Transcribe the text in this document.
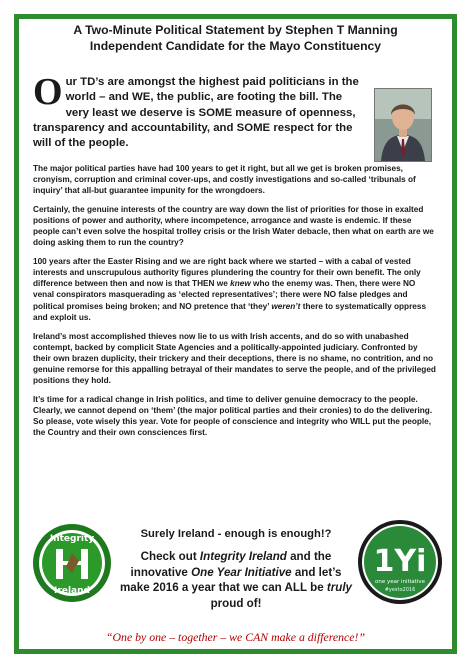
A Two-Minute Political Statement by Stephen T Manning
Independent Candidate for the Mayo Constituency

Our TD’s are amongst the highest paid politicians in the world – and WE, the public, are footing the bill. The very least we deserve is SOME measure of openness, transparency and accountability, and SOME respect for the will of the people.

The major political parties have had 100 years to get it right, but all we get is broken promises, cronyism, corruption and criminal cover-ups, and costly investigations and so-called ‘tribunals of inquiry’ that all-but guarantee impunity for the wrongdoers.

Certainly, the genuine interests of the country are way down the list of priorities for those in exalted positions of power and authority, where incompetence, arrogance and waste is endemic. If these people can’t even solve the hospital trolley crisis or the Irish Water debacle, then what on earth are we doing asking them to run the country?

100 years after the Easter Rising and we are right back where we started – with a cabal of vested interests and unscrupulous authority figures plundering the country for their own benefit. The only difference between then and now is that THEN we knew who the enemy was. Then, there were NO venal conspirators masquerading as ‘elected representatives’; there were NO false pledges and political promises being broken; and NO pretence that ‘they’ weren’t there to systematically oppress and exploit us.

Ireland’s most accomplished thieves now lie to us with Irish accents, and do so with unabashed contempt, backed by complicit State Agencies and a politically-appointed judiciary. Confronted by their own brazen duplicity, their trickery and their deceptions, there is no shame, no contrition, and no genuine remorse for this appalling betrayal of their mandates to serve the people, and of the privileged positions they hold.

It’s time for a radical change in Irish politics, and time to deliver genuine democracy to the people. Clearly, we cannot depend on ‘them’ (the major political parties and their cronies) to do the delivering. So please, vote wisely this year. Vote for people of conscience and integrity who WILL put the people, the Country and their own consciences first.

Integrity
Ireland
Surely Ireland - enough is enough!?
Check out Integrity Ireland and the innovative One Year Initiative and let’s make 2016 a year that we can ALL be truly proud of!
1Yi
one year initiative
#yesto2016

“One by one – together – we CAN make a difference!”
